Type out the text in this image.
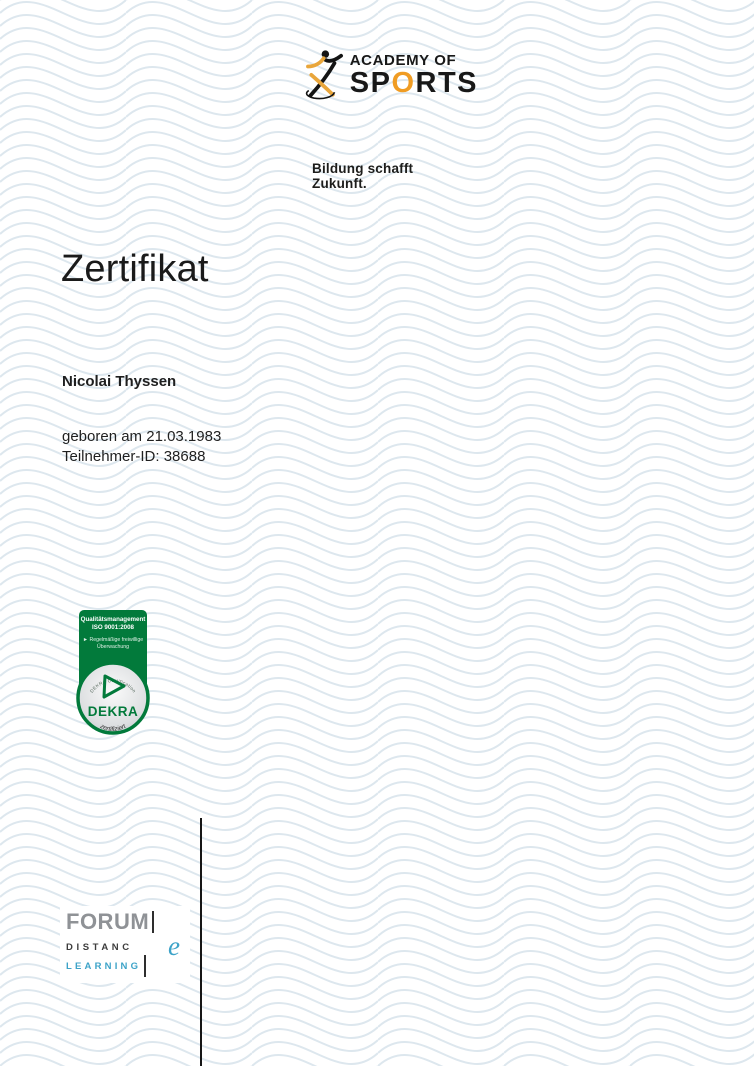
ACADEMY OF
SPORTS
Bildung schafft Zukunft.
Zertifikat
Nicolai Thyssen
geboren am 21.03.1983
Teilnehmer-ID: 38688
Qualitätsmanagement
ISO 9001:2008
► Regelmäßige freiwillige
Überwachung
DEKRA Certification
DEKRA
zertifiziert
FORUM
DISTANC e
LEARNING
